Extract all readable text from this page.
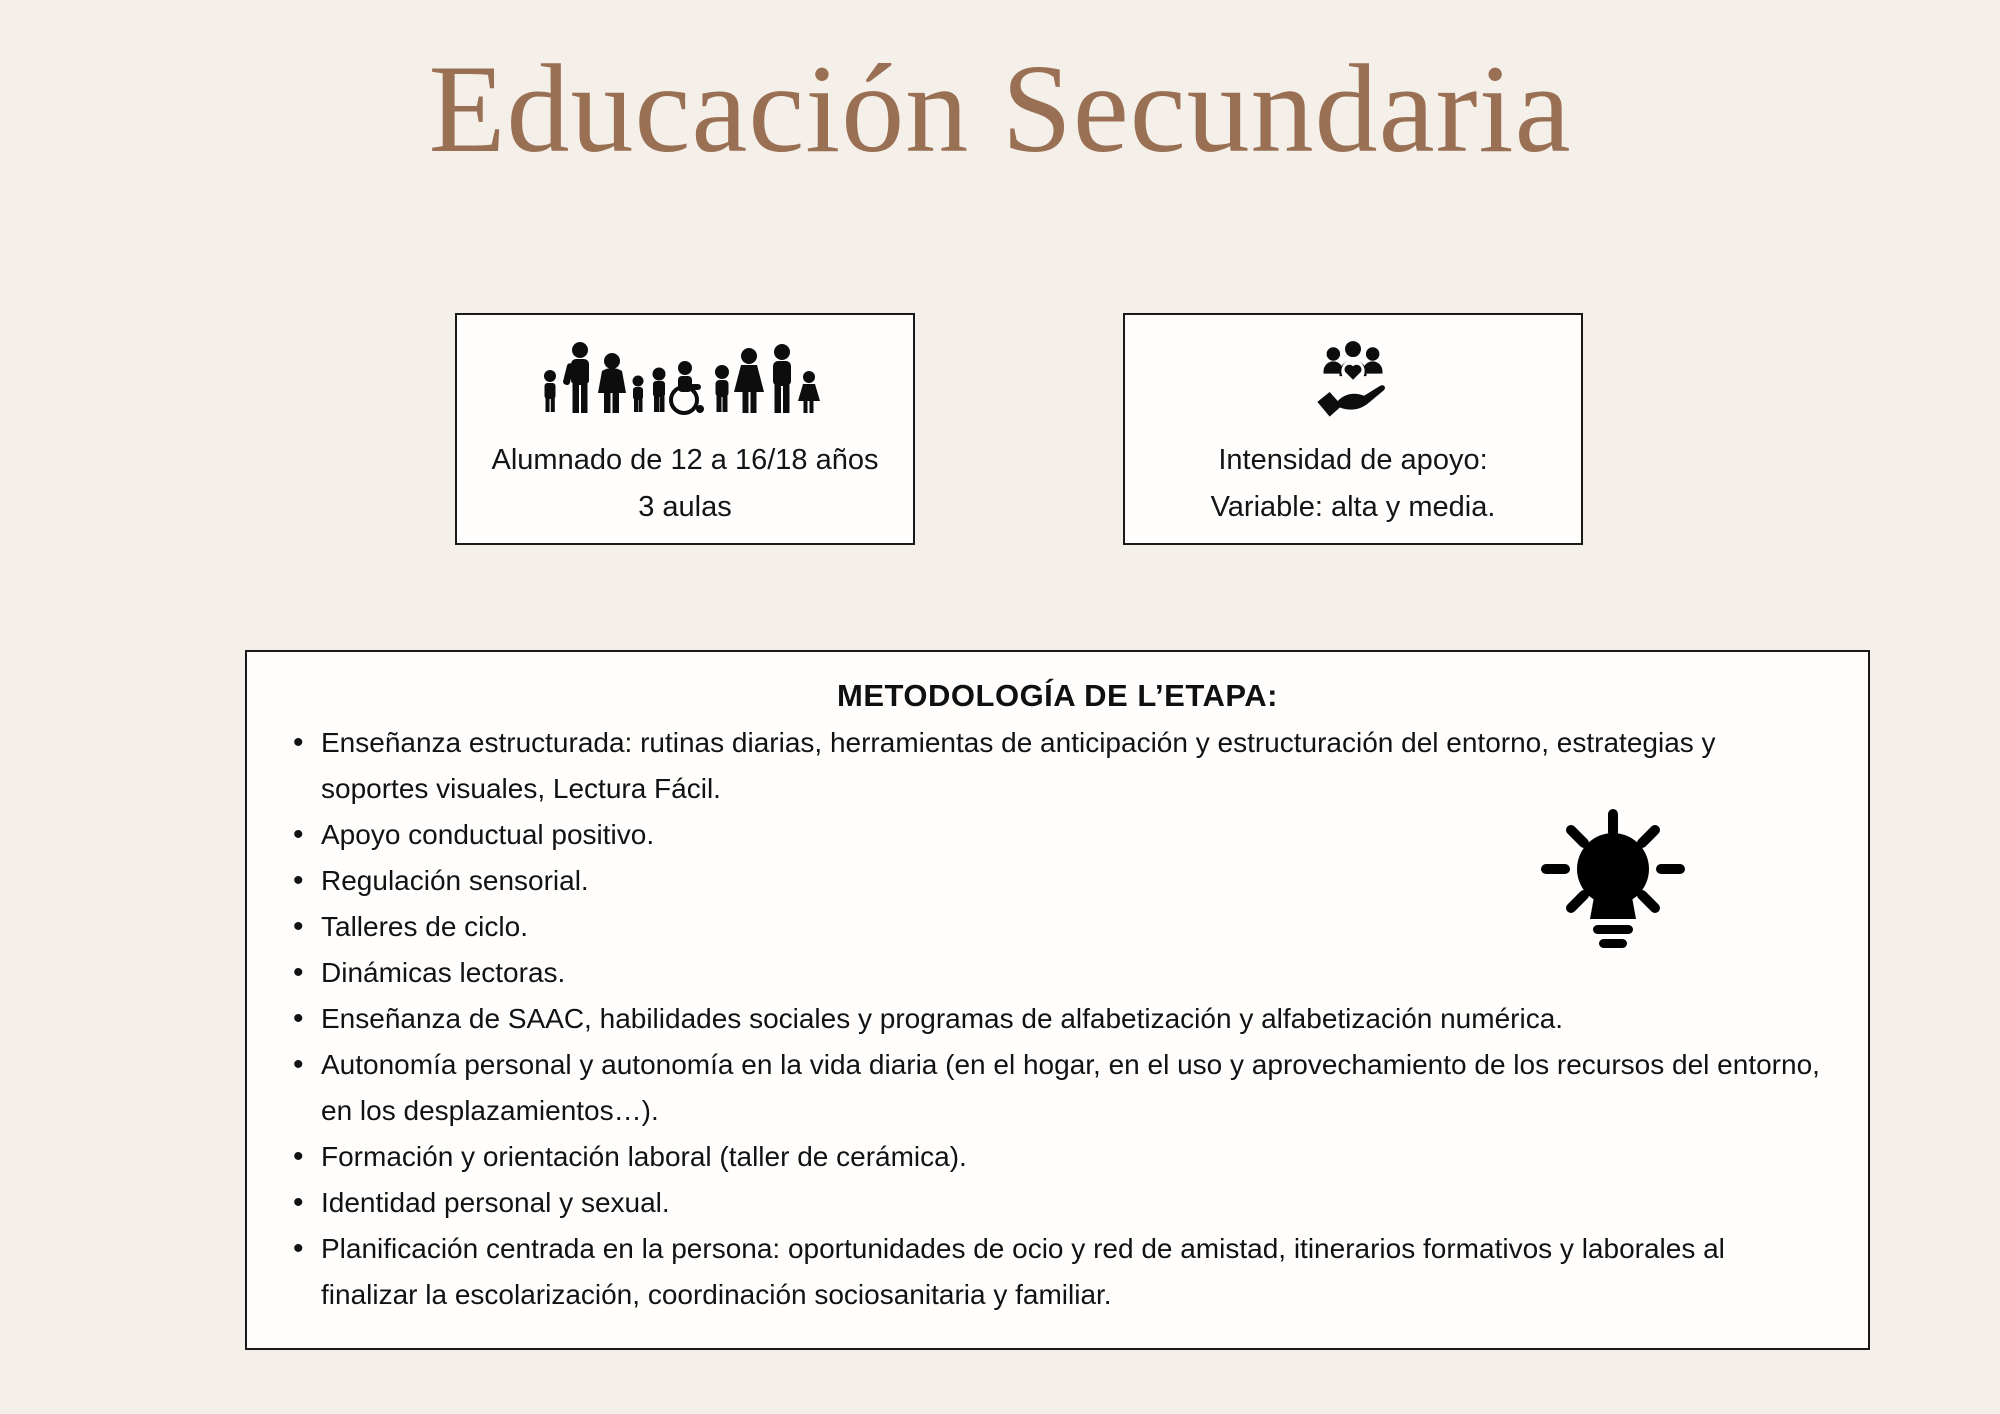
Educación Secundaria
Alumnado de 12 a 16/18 años
3 aulas
Intensidad de apoyo:
Variable: alta y media.
METODOLOGÍA DE L’ETAPA:
• Enseñanza estructurada: rutinas diarias, herramientas de anticipación y estructuración del entorno, estrategias y soportes visuales, Lectura Fácil.
• Apoyo conductual positivo.
• Regulación sensorial.
• Talleres de ciclo.
• Dinámicas lectoras.
• Enseñanza de SAAC, habilidades sociales y programas de alfabetización y alfabetización numérica.
• Autonomía personal y autonomía en la vida diaria (en el hogar, en el uso y aprovechamiento de los recursos del entorno, en los desplazamientos…).
• Formación y orientación laboral (taller de cerámica).
• Identidad personal y sexual.
• Planificación centrada en la persona: oportunidades de ocio y red de amistad, itinerarios formativos y laborales al finalizar la escolarización, coordinación sociosanitaria y familiar.
